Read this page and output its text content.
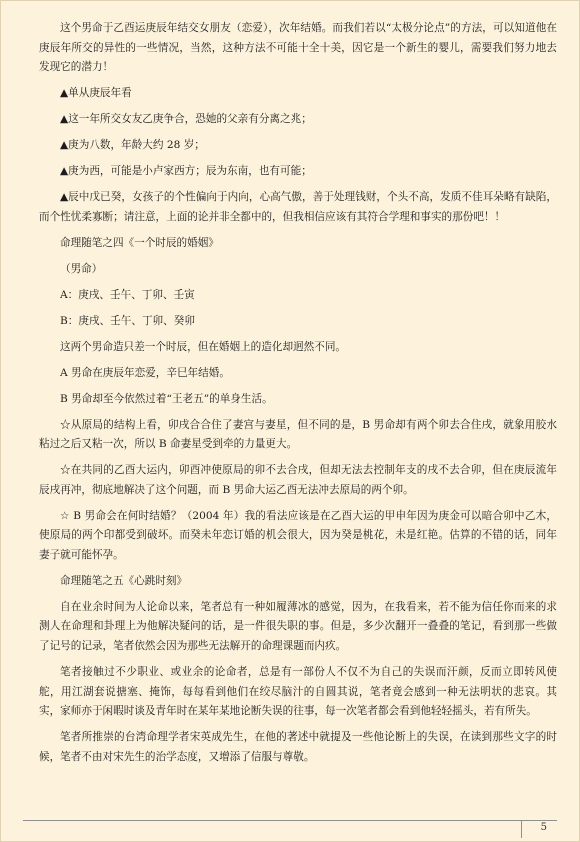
这个男命于乙酉运庚辰年结交女朋友（恋爱），次年结婚。而我们若以“太极分论点”的方法，可以知道他在庚辰年所交的异性的一些情况，当然，这种方法不可能十全十美，因它是一个新生的婴儿，需要我们努力地去发现它的潜力！

▲单从庚辰年看

▲这一年所交女友乙庚争合，恐她的父亲有分离之兆；

▲庚为八数，年龄大约 28 岁；

▲庚为西，可能是小卢家西方；辰为东南，也有可能；

▲辰中戊已癸，女孩子的个性偏向于内向，心高气傲，善于处理钱财，个头不高，发质不佳耳朵略有缺陷，而个性忧柔寡断；请注意，上面的论并非全都中的，但我相信应该有其符合学理和事实的那份吧！！

命理随笔之四《一个时辰的婚姻》

（男命）

A：庚戌、壬午、丁卯、壬寅

B：庚戌、壬午、丁卯、癸卯

这两个男命造只差一个时辰，但在婚姻上的造化却迥然不同。

A 男命在庚辰年恋爱，辛巳年结婚。

B 男命却至今依然过着“王老五”的单身生活。

☆从原局的结构上看，卯戌合合住了妻宫与妻星，但不同的是，B 男命却有两个卯去合住戌，就象用胶水粘过之后又粘一次，所以 B 命妻星受到牵的力量更大。

☆在共同的乙酉大运内，卯酉冲使原局的卯不去合戌，但却无法去控制年支的戌不去合卯，但在庚辰流年辰戌再冲，彻底地解决了这个问题，而 B 男命大运乙酉无法冲去原局的两个卯。

☆ B 男命会在何时结婚？（2004 年）我的看法应该是在乙酉大运的甲申年因为庚金可以暗合卯中乙木，使原局的两个印都受到破坏。而癸未年恋订婚的机会很大，因为癸是桃花，未是红艳。估算的不错的话，同年妻子就可能怀孕。

命理随笔之五《心跳时刻》

自在业余时间为人论命以来，笔者总有一种如履薄冰的感觉，因为，在我看来，若不能为信任你而来的求测人在命理和卦理上为他解决疑问的话，是一件很失职的事。但是，多少次翻开一叠叠的笔记，看到那一些做了记号的记录，笔者依然会因为那些无法解开的命理课题而内疚。

笔者接触过不少职业、或业余的论命者，总是有一部份人不仅不为自己的失误而汗颜，反而立即转风使舵，用江湖套说搪塞、掩饰，每每看到他们在绞尽脑汁的自圆其说，笔者竟会感到一种无法明状的悲哀。其实，家师亦于闲暇时谈及青年时在某年某地论断失误的往事，每一次笔者都会看到他轻轻摇头，若有所失。

笔者所推崇的台湾命理学者宋英成先生，在他的著述中就提及一些他论断上的失误，在读到那些文字的时候，笔者不由对宋先生的治学态度，又增添了信服与尊敬。

5
